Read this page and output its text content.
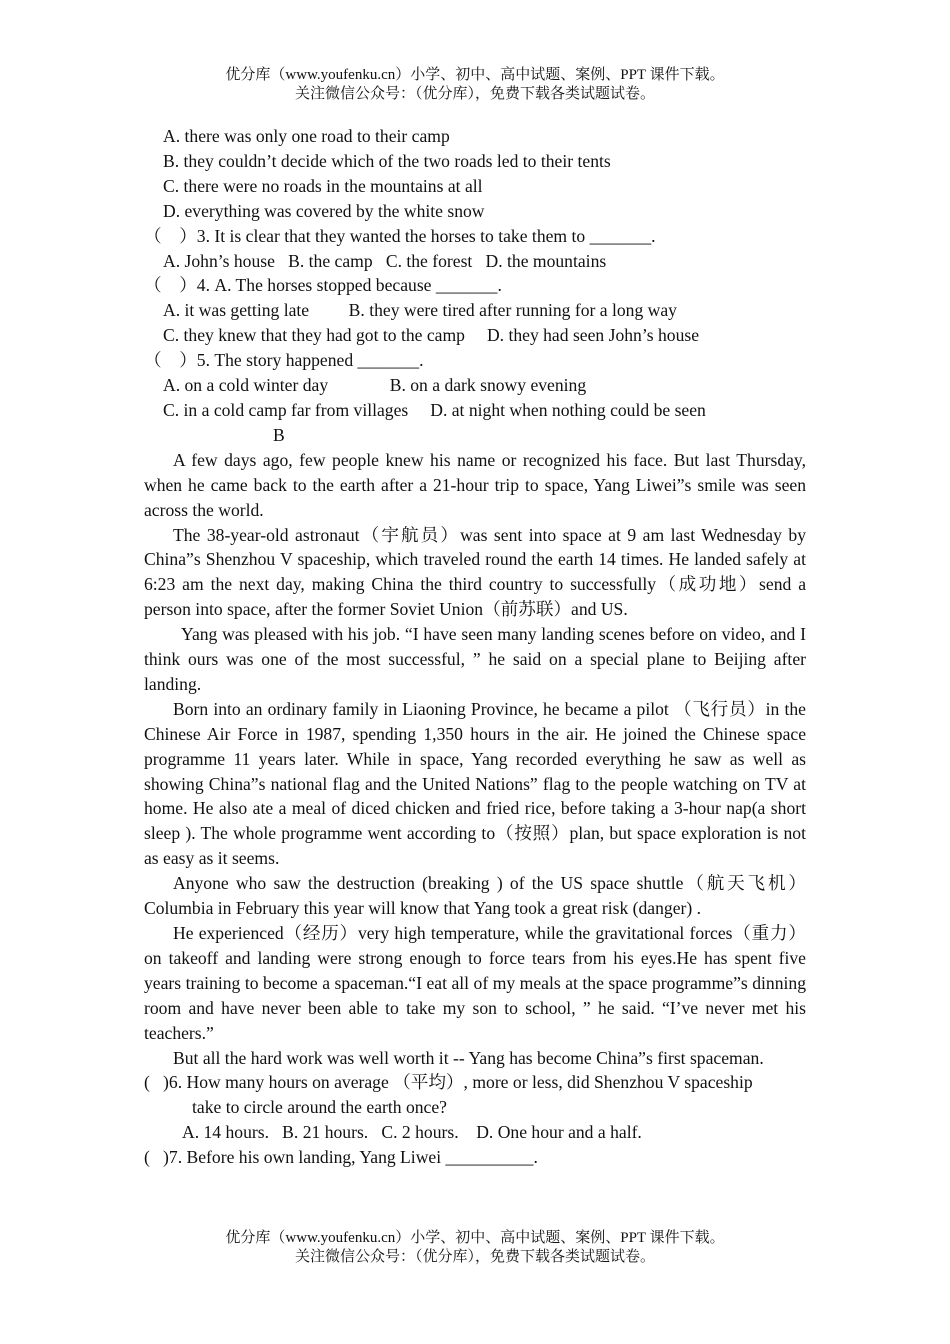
优分库（www.youfenku.cn）小学、初中、高中试题、案例、PPT 课件下载。
关注微信公众号：（优分库），免费下载各类试题试卷。
A. there was only one road to their camp
B. they couldn’t decide which of the two roads led to their tents
C. there were no roads in the mountains at all
D. everything was covered by the white snow
（    ）3. It is clear that they wanted the horses to take them to _______.
A. John’s house   B. the camp   C. the forest   D. the mountains
（    ）4. A. The horses stopped because _______.
A. it was getting late         B. they were tired after running for a long way
C. they knew that they had got to the camp     D. they had seen John’s house
（    ）5. The story happened _______.
A. on a cold winter day              B. on a dark snowy evening
C. in a cold camp far from villages     D. at night when nothing could be seen
B
A few days ago, few people knew his name or recognized his face. But last Thursday, when he came back to the earth after a 21-hour trip to space, Yang Liwei”s smile was seen across the world.
The 38-year-old astronaut（宇航员）was sent into space at 9 am last Wednesday by China”s Shenzhou V spaceship, which traveled round the earth 14 times. He landed safely at 6:23 am the next day, making China the third country to successfully（成功地）send a person into space, after the former Soviet Union（前苏联）and US.
Yang was pleased with his job. “I have seen many landing scenes before on video, and I think ours was one of the most successful, ” he said on a special plane to Beijing after landing.
Born into an ordinary family in Liaoning Province, he became a pilot （飞行员）in the Chinese Air Force in 1987, spending 1,350 hours in the air. He joined the Chinese space programme 11 years later. While in space, Yang recorded everything he saw as well as showing China”s national flag and the United Nations” flag to the people watching on TV at home. He also ate a meal of diced chicken and fried rice, before taking a 3-hour nap(a short sleep ). The whole programme went according to（按照）plan, but space exploration is not as easy as it seems.
Anyone who saw the destruction (breaking ) of the US space shuttle（航天飞机） Columbia in February this year will know that Yang took a great risk (danger) .
He experienced（经历）very high temperature, while the gravitational forces（重力） on takeoff and landing were strong enough to force tears from his eyes.He has spent five years training to become a spaceman.“I eat all of my meals at the space programme”s dinning room and have never been able to take my son to school, ” he said. “I’ve never met his teachers.”
But all the hard work was well worth it -- Yang has become China”s first spaceman.
(   )6. How many hours on average （平均）, more or less, did Shenzhou V spaceship
take to circle around the earth once?
A. 14 hours.   B. 21 hours.   C. 2 hours.    D. One hour and a half.
(   )7. Before his own landing, Yang Liwei __________.
优分库（www.youfenku.cn）小学、初中、高中试题、案例、PPT 课件下载。
关注微信公众号：（优分库），免费下载各类试题试卷。
